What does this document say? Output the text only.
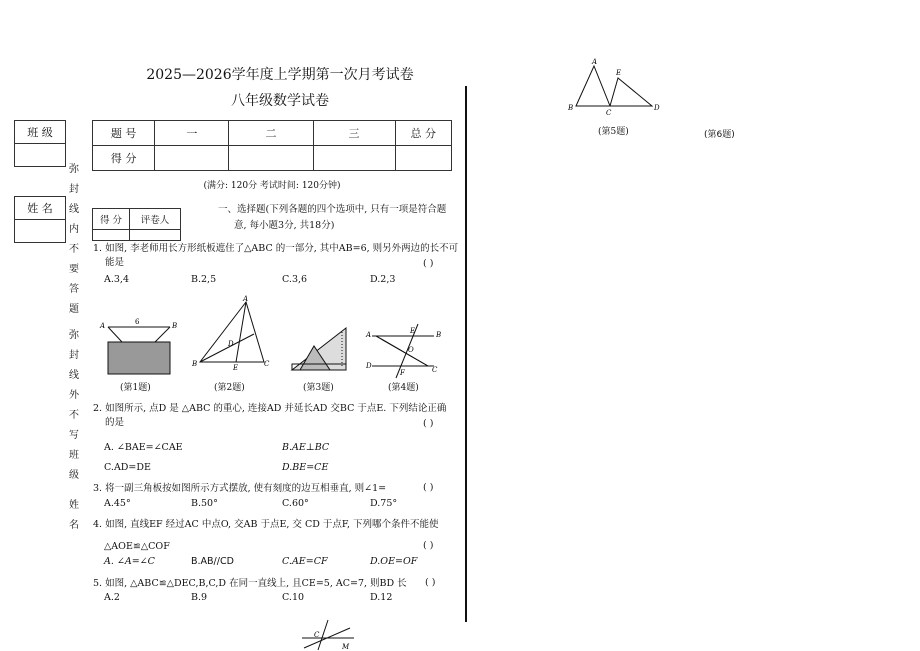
2025—2026学年度上学期第一次月考试卷
八年级数学试卷
班 级

姓 名

弥
封
线
内
不
要
答
题
弥
封
线
外
不
写
班
级
姓
名
题 号	一	二	三	总 分
得 分				
(满分: 120分 考试时间: 120分钟)
得 分	评卷人

一、选择题(下列各题的四个选项中, 只有一项是符合题
意, 每小题3分, 共18分)
1. 如图, 李老师用长方形纸板遮住了△ABC 的一部分, 其中AB=6, 则另外两边的长不可
能是	( )
A.3,4	B.2,5	C.3,6	D.2,3
A	6	B
(第1题)
A
D
B	E	C
(第2题)	(第3题)
A	E	B
O
D
F	C
(第4题)
2. 如图所示, 点D 是 △ABC 的重心, 连接AD 并延长AD 交BC 于点E. 下列结论正确
的是	( )
A. ∠BAE=∠CAE	B.AE⊥BC
C.AD=DE	D.BE=CE
3. 将一副三角板按如图所示方式摆放, 使有刻度的边互相垂直, 则∠1=	( )
A.45°	B.50°	C.60°	D.75°
4. 如图, 直线EF 经过AC 中点O, 交AB 于点E, 交 CD 于点F, 下列哪个条件不能使
△AOE≌△COF	( )
A. ∠A=∠C	B.AB//CD	C.AE=CF	D.OE=OF
5. 如图, △ABC≌△DEC,B,C,D 在同一直线上, 且CE=5, AC=7, 则BD 长 ( )
A.2	B.9	C.10	D.12
C
M
A
E
B
C
D
(第5题)	(第6题)
